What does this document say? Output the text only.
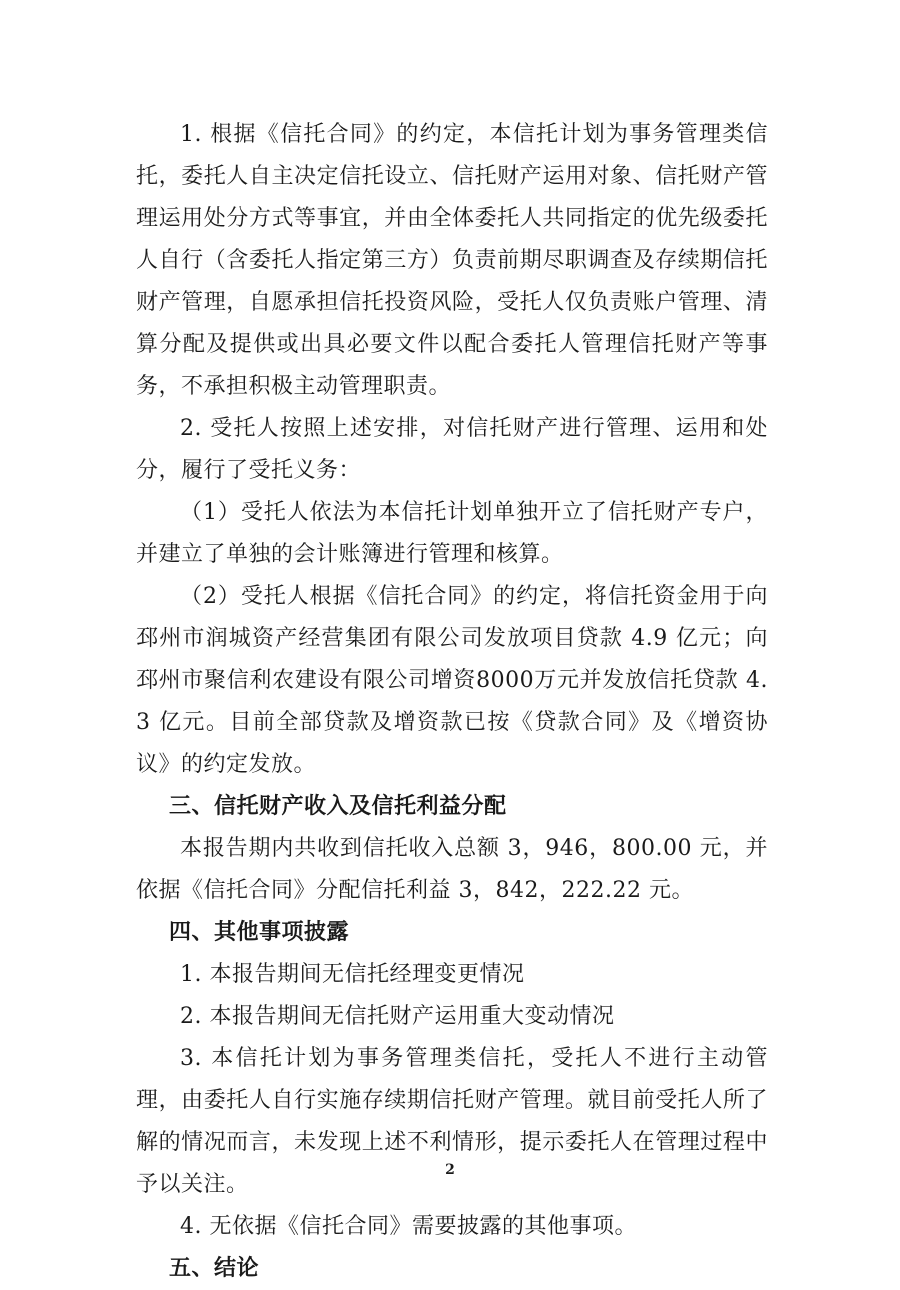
1. 根据《信托合同》的约定，本信托计划为事务管理类信托，委托人自主决定信托设立、信托财产运用对象、信托财产管理运用处分方式等事宜，并由全体委托人共同指定的优先级委托人自行（含委托人指定第三方）负责前期尽职调查及存续期信托财产管理，自愿承担信托投资风险，受托人仅负责账户管理、清算分配及提供或出具必要文件以配合委托人管理信托财产等事务，不承担积极主动管理职责。

2. 受托人按照上述安排，对信托财产进行管理、运用和处分，履行了受托义务：

（1）受托人依法为本信托计划单独开立了信托财产专户，并建立了单独的会计账簿进行管理和核算。

（2）受托人根据《信托合同》的约定，将信托资金用于向邳州市润城资产经营集团有限公司发放项目贷款 4.9 亿元；向邳州市聚信利农建设有限公司增资8000万元并发放信托贷款 4.3 亿元。目前全部贷款及增资款已按《贷款合同》及《增资协议》的约定发放。

三、信托财产收入及信托利益分配

本报告期内共收到信托收入总额 3，946，800.00 元，并依据《信托合同》分配信托利益 3，842，222.22 元。

四、其他事项披露

1. 本报告期间无信托经理变更情况

2. 本报告期间无信托财产运用重大变动情况

3. 本信托计划为事务管理类信托，受托人不进行主动管理，由委托人自行实施存续期信托财产管理。就目前受托人所了解的情况而言，未发现上述不利情形，提示委托人在管理过程中予以关注。

4. 无依据《信托合同》需要披露的其他事项。

五、结论

2
